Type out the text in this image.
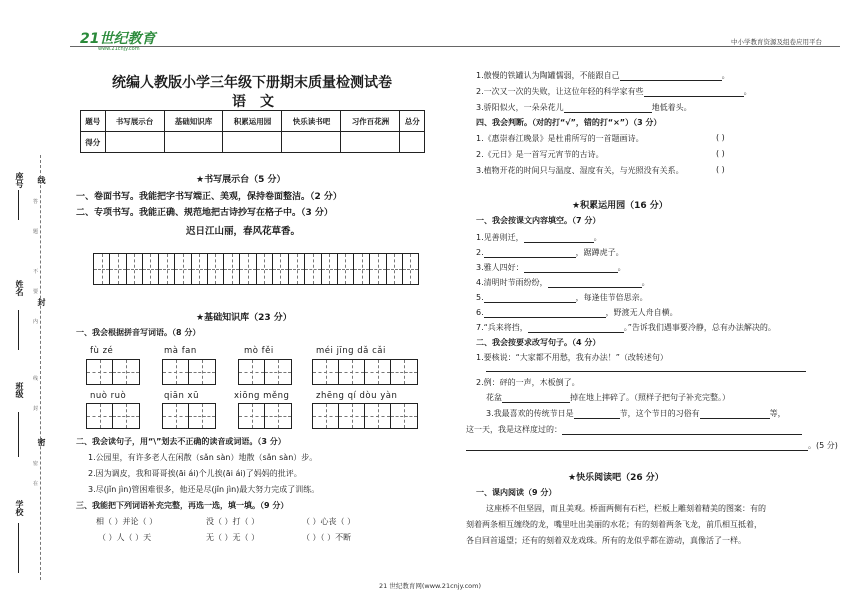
21世纪教育
www.21cnjy.com
中小学教育资源及组卷应用平台
座号 线
答
题
姓名
不
要
封
内
班级
线
封
密
密
在
学校
统编人教版小学三年级下册期末质量检测试卷
语　文
题号	书写展示台	基础知识库	积累运用园	快乐读书吧	习作百花洲	总分
得分						
★书写展示台（5 分）
一、卷面书写。我能把字书写端正、美观，保持卷面整洁。（2 分）
二、专项书写。我能正确、规范地把古诗抄写在格子中。（3 分）
迟日江山丽，春风花草香。
★基础知识库（23 分）
一、我会根据拼音写词语。（8 分）
fù zé	mà fan	mò fěi	méi jīng dǎ cǎi
nuò ruò	qiān xū	xiōng měng	zhēng qí dòu yàn
二、我会读句子，用“\”划去不正确的读音或词语。（3 分）
1.公园里，有许多老人在闲散（sǎn sàn）地散（sǎn sàn）步。
2.因为调皮，我和哥哥挨(āi ái)个儿挨(āi ái)了妈妈的批评。
3.尽(jǐn jìn)管困难很多，他还是尽(jǐn jìn)最大努力完成了训练。
三、我能把下列词语补充完整，再选一选，填一填。（9 分）
相（ ）并论（ ）	没（ ）打（ ）	（ ）心丧（ ）
（ ）人（ ）天	无（ ）无（ ）	（ ）（ ）不断
1.傲慢的铁罐认为陶罐懦弱，不能跟自己	。
2.一次又一次的失败，让这位年轻的科学家有些	。
3.骄阳似火，一朵朵花儿	地低着头。
四、我会判断。（对的打“√”，错的打“×”）（3 分）
1.《惠崇春江晚景》是杜甫所写的一首题画诗。	( )
2.《元日》是一首写元宵节的古诗。	( )
3.植物开花的时间只与温度、湿度有关，与光照没有关系。	( )
★积累运用园（16 分）
一、我会按课文内容填空。（7 分）
1.见善则迁，	。
2.	，踞蹲虎子。
3.雅人四好：	。
4.清明时节雨纷纷，	。
5.	，每逢佳节倍思亲。
6.	，野渡无人舟自横。
7.“兵来将挡，	。”告诉我们遇事要冷静，总有办法解决的。
二、我会按要求改写句子。（4 分）
1.要核说：“大家都不用愁，我有办法！”（改转述句）
2.例：砰的一声，木板倒了。
花盆	掉在地上摔碎了。（照样子把句子补充完整。）
3.我最喜欢的传统节日是	节，这个节日的习俗有	等，
这一天，我是这样度过的：
。(5 分)
★快乐阅读吧（26 分）
一、课内阅读（9 分）
这座桥不但坚固，而且美观。桥面两侧有石栏，栏板上雕刻着精美的图案：有的
刻着两条相互缠绕的龙，嘴里吐出美丽的水花；有的刻着两条飞龙，前爪相互抵着，
各自回首遥望；还有的刻着双龙戏珠。所有的龙似乎都在游动，真像活了一样。
21 世纪教育网(www.21cnjy.com)
